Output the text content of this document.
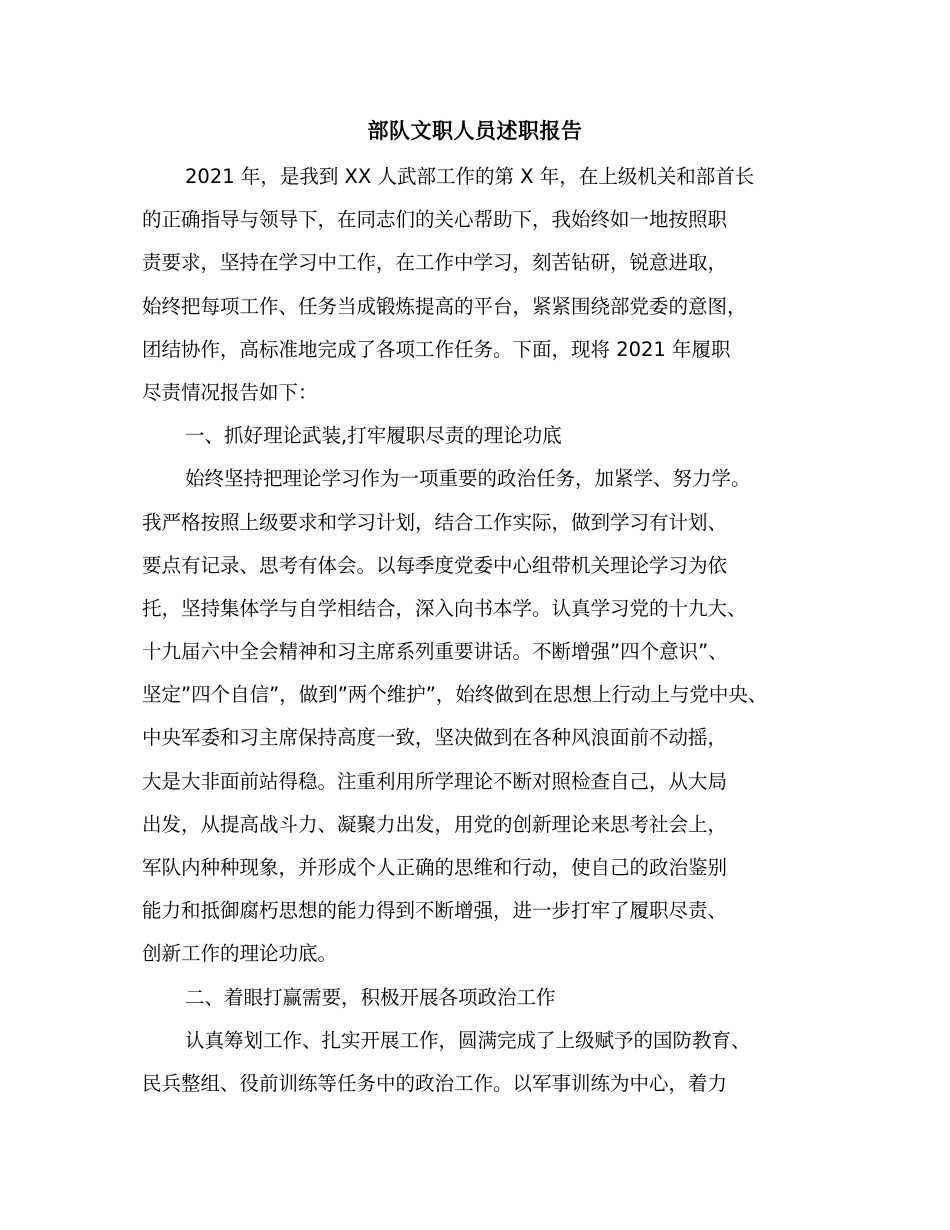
部队文职人员述职报告
2021 年，是我到 XX 人武部工作的第 X 年，在上级机关和部首长
的正确指导与领导下，在同志们的关心帮助下，我始终如一地按照职
责要求，坚持在学习中工作，在工作中学习，刻苦钻研，锐意进取，
始终把每项工作、任务当成锻炼提高的平台，紧紧围绕部党委的意图，
团结协作，高标准地完成了各项工作任务。下面，现将 2021 年履职
尽责情况报告如下：
一、抓好理论武装,打牢履职尽责的理论功底
始终坚持把理论学习作为一项重要的政治任务，加紧学、努力学。
我严格按照上级要求和学习计划，结合工作实际，做到学习有计划、
要点有记录、思考有体会。以每季度党委中心组带机关理论学习为依
托，坚持集体学与自学相结合，深入向书本学。认真学习党的十九大、
十九届六中全会精神和习主席系列重要讲话。不断增强”四个意识”、
坚定”四个自信”，做到”两个维护”，始终做到在思想上行动上与党中央、
中央军委和习主席保持高度一致，坚决做到在各种风浪面前不动摇，
大是大非面前站得稳。注重利用所学理论不断对照检查自己，从大局
出发，从提高战斗力、凝聚力出发，用党的创新理论来思考社会上，
军队内种种现象，并形成个人正确的思维和行动，使自己的政治鉴别
能力和抵御腐朽思想的能力得到不断增强，进一步打牢了履职尽责、
创新工作的理论功底。
二、着眼打赢需要，积极开展各项政治工作
认真筹划工作、扎实开展工作，圆满完成了上级赋予的国防教育、
民兵整组、役前训练等任务中的政治工作。以军事训练为中心，着力
